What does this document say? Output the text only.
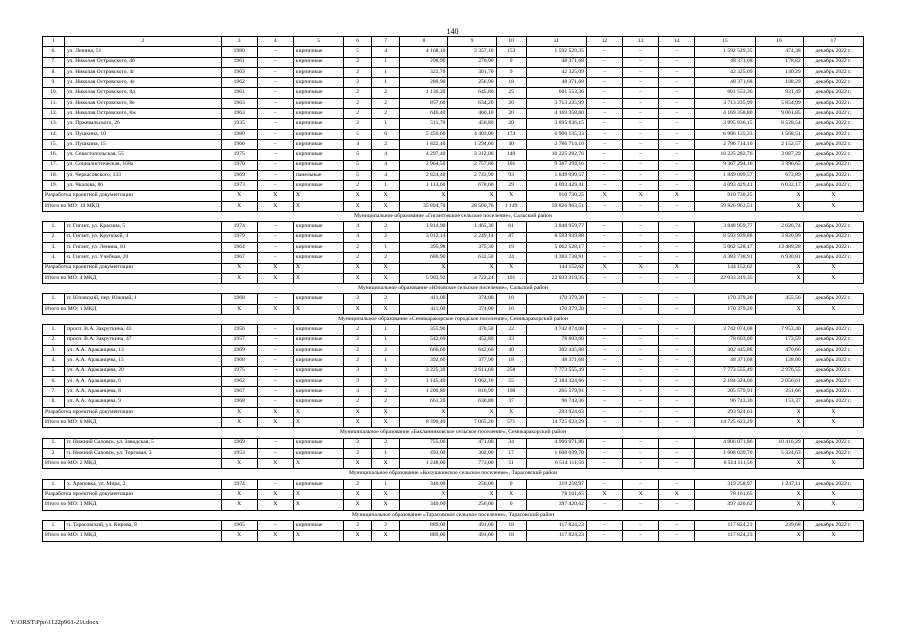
140
1	2	3	4	5	6	7	8	9	10	11	12	13	14	15	16	17
6.	ул. Ленина, 51	1980	–	кирпичные	5	4	4 168,10	3 357,10	153	1 592 529,35	–	–	–	1 592 529,35	474,38	декабрь 2022 г.
7.	ул. Николая Островского, 4б	1961	–	кирпичные	2	1	298,90	270,90	9	48 371,68	–	–	–	48 371,68	178,82	декабрь 2022 г.
8.	ул. Николая Островского, 4г	1963	–	кирпичные	2	1	322,70	301,70	9	42 325,09	–	–	–	42 325,09	140,29	декабрь 2022 г.
9.	ул. Николая Островского, 4е	1962	–	кирпичные	2	1	280,90	256,90	18	48 371,68	–	–	–	48 371,68	188,29	декабрь 2022 г.
10.	ул. Николая Островского, 8д	1961	–	кирпичные	2	2	1 136,20	645,80	25	601 553,36	–	–	–	601 553,36	931,49	декабрь 2022 г.
11.	ул. Николая Островского, 8е	1963	–	кирпичные	2	2	857,60	634,20	20	3 713 235,99	–	–	–	3 713 235,99	5 854,99	декабрь 2022 г.
12.	ул. Николая Островского, 8ж	1963	–	кирпичные	2	2	646,40	460,10	20	4 169 358,80	–	–	–	4 169 358,80	9 061,85	декабрь 2022 г.
13.	ул. Пржевальского, 26	1935	–	кирпичные	2	1	511,70	456,80	20	3 895 836,15	–	–	–	3 895 836,15	8 528,54	декабрь 2022 г.
14.	ул. Пушкина, 10	1980	–	кирпичные	5	6	5 456,60	4 403,00	174	6 906 135,33	–	–	–	6 906 135,33	1 568,51	декабрь 2022 г.
15.	ул. Пушкина, 15	1966	–	кирпичные	4	2	1 822,40	1 294,60	40	2 786 714,10	–	–	–	2 786 714,10	2 152,57	декабрь 2022 г.
16.	ул. Севастопольская, 55	1975	–	кирпичные	5	4	4 297,40	3 312,06	140	10 225 282,76	–	–	–	10 225 282,76	3 087,29	декабрь 2022 г.
17.	ул. Социалистическая, 168а	1970	–	кирпичные	5	4	2 964,50	2 757,80	101	9 367 294,16	–	–	–	9 367 294,16	3 396,65	декабрь 2022 г.
18.	ул. Черкасовского, 133	1969	–	панельные	5	4	2 824,40	2 743,90	93	1 849 099,57	–	–	–	1 849 099,57	673,89	декабрь 2022 г.
19.	ул. Чкалова, 86	1973	–	кирпичные	2	1	1 114,60	678,60	29	4 093 429,41	–	–	–	4 093 429,41	6 032,17	декабрь 2022 г.
Разработка проектной документации		X	X	X	X	X	X	X	X	910 730,25	X	X	X	910 730,25	X	X
Итого по МО: 19 МКД		X	X	X	X	X	35 894,70	28 560,76	1 149	59 826 963,51	–	–	–	59 826 963,51	X	X
Муниципальное образование «Гигантовское сельское поселение», Сальский район																
1.	п. Гигант, ул. Красина, 5	1974	–	кирпичные	4	2	1 814,90	1 465,30	61	3 848 959,77	–	–	–	3 848 959,77	2 626,74	декабрь 2022 г.
2.	п. Гигант, ул. Крупской, 4	1979	–	кирпичные	4	2	3 012,14	2 249,14	87	8 593 939,88	–	–	–	8 593 939,88	3 820,99	декабрь 2022 г.
3.	п. Гигант, ул. Ленина, 81	1964	–	кирпичные	2	1	395,98	375,30	19	5 062 528,17	–	–	–	5 062 528,17	13 489,28	декабрь 2022 г.
4.	п. Гигант, ул. Учебная, 20	1967	–	кирпичные	2	2	680,90	632,50	24	4 383 738,91	–	–	–	4 383 738,91	6 930,81	декабрь 2022 г.
Разработка проектной документации		X	X	X	X	X	X	X	X	144 152,62	X	X	X	144 152,62	X	X
Итого по МО: 4 МКД		X	X	X	X	X	5 903,92	4 722,24	191	22 033 319,35	–	–	–	22 033 319,35	X	X
Муниципальное образование «Юловское сельское поселение», Сальский район																
1.	п. Юловский, пер. Южный, 1	1968	–	кирпичные	2	2	411,00	374,00	16	170 379,20	–	–	–	170 379,20	455,56	декабрь 2022 г.
Итого по МО: 1 МКД		X	X	X	X	X	411,00	374,00	16	170 379,20	–	–	–	170 379,20	X	X
Муниципальное образование «Семикаракорское городское поселение», Семикаракорский район																
1.	просп. В.А. Закруткина, 43	1956	–	кирпичные	2	1	355,90	470,50	22	3 742 074,08	–	–	–	3 742 074,08	7 953,40	декабрь 2022 г.
2.	просп. В.А. Закруткина, 47	1957	–	кирпичные	2	1	542,60	452,80	33	78 603,60	–	–	–	78 603,60	173,59	декабрь 2022 г.
3.	ул. А.А. Араканцева, 13	1969	–	кирпичные	2	2	666,60	642,60	40	302 445,88	–	–	–	302 445,88	470,66	декабрь 2022 г.
4.	ул. А.А. Араканцева, 15	1968	–	кирпичные	2	1	392,60	377,90	18	48 371,68	–	–	–	48 371,68	128,00	декабрь 2022 г.
5.	ул. А.А. Араканцева, 20	1975	–	кирпичные	3	3	3 225,30	2 611,60	258	7 773 555,49	–	–	–	7 773 555,49	2 976,55	декабрь 2022 г.
6.	ул. А.А. Араканцева, 6	1962	–	кирпичные	3	2	1 145,40	1 062,10	55	2 184 324,66	–	–	–	2 184 324,66	2 056,61	декабрь 2022 г.
7.	ул. А.А. Араканцева, 8	1967	–	кирпичные	3	2	1 200,80	816,90	108	205 579,91	–	–	–	205 579,91	251,66	декабрь 2022 г.
8.	ул. А.А. Араканцева, 9	1968	–	кирпичные	2	2	661,20	630,80	37	96 743,36	–	–	–	96 743,36	153,37	декабрь 2022 г.
Разработка проектной документации		X	X	X	X	X	X	X	X	293 924,63	–	–	–	293 924,63	X	X
Итого по МО: 8 МКД		X	X	X	X	X	8 390,40	7 065,20	571	14 725 623,29	–	–	–	14 725 623,29	X	X
Муниципальное образование «Бакланниковское сельское поселение», Семикаракорский район																
1.	п. Нижний Саловск, ул. Заводская, 5	1969	–	кирпичные	2	2	755,00	471,00	34	4 906 071,86	–	–	–	4 906 071,86	10 416,29	декабрь 2022 г.
2.	п. Нижний Саловск, ул. Торговая, 3	1953	–	кирпичные	2	1	493,00	302,00	17	1 608 039,70	–	–	–	1 608 039,70	5 324,63	декабрь 2022 г.
Итого по МО: 2 МКД		X	X	X	X	X	1 248,00	773,00	51	6 514 111,56	–	–	–	6 514 111,56	X	X
Муниципальное образование «Колушкинское сельское поселение», Тарасовский район																
1.	х. Араповка, ул. Мира, 2	1974	–	кирпичные	2	1	340,00	256,00	0	319 258,97	–	–	–	319 258,97	1 247,11	декабрь 2022 г.
Разработка проектной документации		X	X	X	X	X	X	X	X	78 161,65	X	X	X	78 161,65	X	X
Итого по МО: 1 МКД		X	X	X	X	X	340,00	256,00	0	397 420,62	–	–	–	397 420,62	X	X
Муниципальное образование «Тарасовское сельское поселение», Тарасовский район																
1.	п. Тарасовский, ул. Кирова, 8	1965	–	кирпичные	2	2	889,00	491,60	18	117 824,23	–	–	–	117 824,23	239,68	декабрь 2022 г.
Итого по МО: 1 МКД		X	X	X	X	X	889,00	491,60	18	117 824,23	–	–	–	117 824,23	X	X
Y:\ORST\Ppo\1122p961-21t.docx
